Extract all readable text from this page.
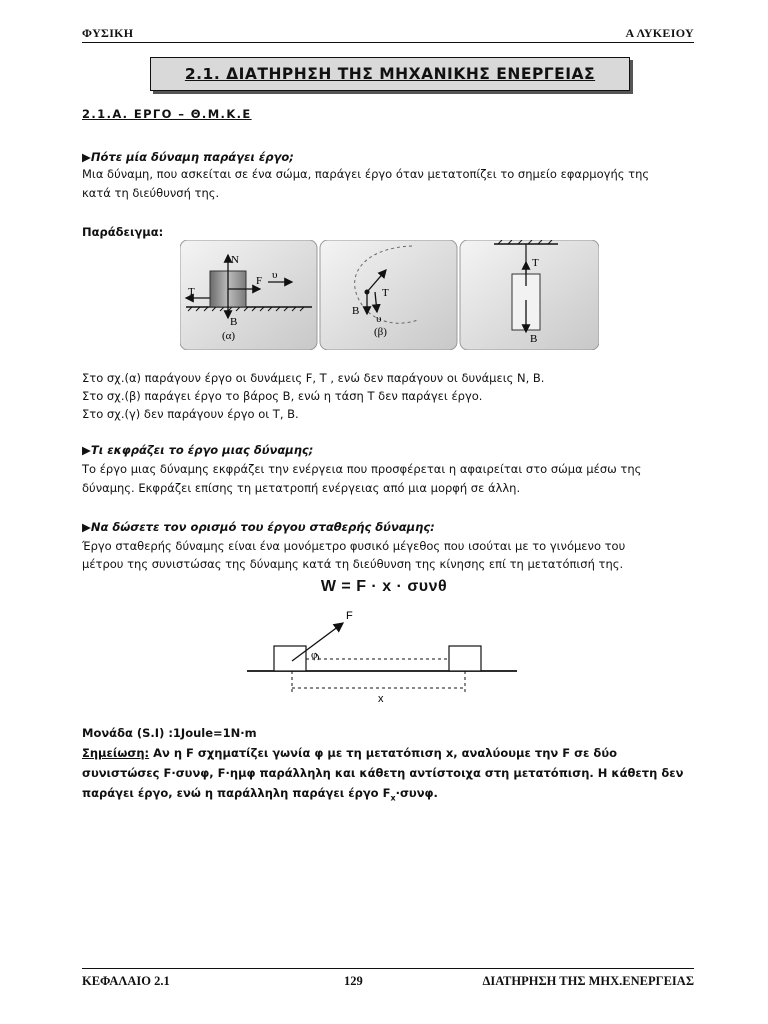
ΦΥΣΙΚΗ	Α ΛΥΚΕΙΟΥ
2.1. ΔΙΑΤΗΡΗΣΗ ΤΗΣ ΜΗΧΑΝΙΚΗΣ ΕΝΕΡΓΕΙΑΣ
2.1.Α. ΕΡΓΟ – Θ.Μ.Κ.Ε
▶Πότε μία δύναμη παράγει έργο;
Μια δύναμη, που ασκείται σε ένα σώμα, παράγει έργο όταν μετατοπίζει το σημείο εφαρμογής της
κατά τη διεύθυνσή της.
Παράδειγμα:
N
F
T
B
υ
(α)
T
B
υ
(β)
T
B
Στο σχ.(α) παράγουν έργο οι δυνάμεις F, Τ , ενώ δεν παράγουν οι δυνάμεις Ν, Β.
Στο σχ.(β) παράγει έργο το βάρος Β, ενώ η τάση Τ δεν παράγει έργο.
Στο σχ.(γ) δεν παράγουν έργο οι Τ, Β.
▶Τι εκφράζει το έργο μιας δύναμης;
Το έργο μιας δύναμης εκφράζει την ενέργεια που προσφέρεται η αφαιρείται στο σώμα μέσω της
δύναμης. Εκφράζει επίσης τη μετατροπή ενέργειας από μια μορφή σε άλλη.
▶Να δώσετε τον ορισμό του έργου σταθερής δύναμης:
Έργο σταθερής δύναμης είναι ένα μονόμετρο φυσικό μέγεθος που ισούται με το γινόμενο του
μέτρου της συνιστώσας της δύναμης κατά τη διεύθυνση της κίνησης επί τη μετατόπισή της.
W = F · x · συνθ
F
φ
x
Μονάδα (S.I) :1Joule=1N·m
Σημείωση: Αν η F σχηματίζει γωνία φ με τη μετατόπιση x, αναλύουμε την F σε δύο
συνιστώσες F·συνφ, F·ημφ παράλληλη και κάθετη αντίστοιχα στη μετατόπιση. Η κάθετη δεν
παράγει έργο, ενώ η παράλληλη παράγει έργο $F_x\cdot\sigma\upsilon\nu\varphi$.
ΚΕΦΑΛΑΙΟ 2.1	129	ΔΙΑΤΗΡΗΣΗ ΤΗΣ ΜΗΧ.ΕΝΕΡΓΕΙΑΣ
